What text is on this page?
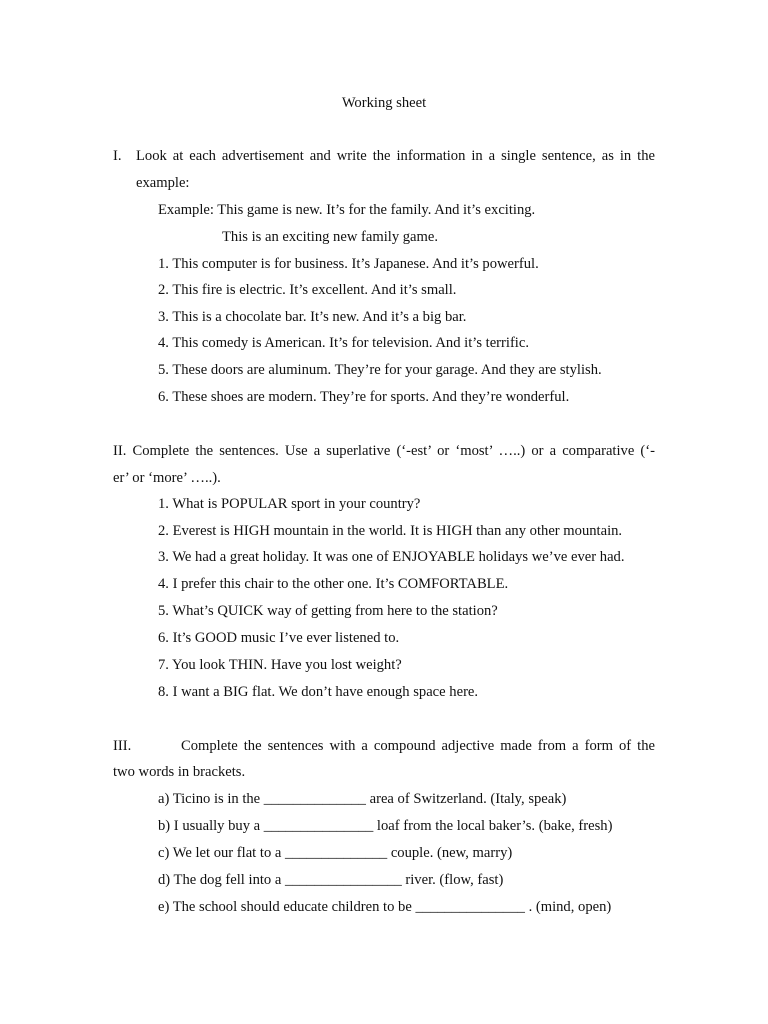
Working sheet
I. Look at each advertisement and write the information in a single sentence, as in the
example:
Example: This game is new. It’s for the family. And it’s exciting.
This is an exciting new family game.
1. This computer is for business. It’s Japanese. And it’s powerful.
2. This fire is electric. It’s excellent. And it’s small.
3. This is a chocolate bar. It’s new. And it’s a big bar.
4. This comedy is American. It’s for television. And it’s terrific.
5. These doors are aluminum. They’re for your garage. And they are stylish.
6. These shoes are modern. They’re for sports. And they’re wonderful.
II. Complete the sentences. Use a superlative (‘-est’ or ‘most’ …..) or a comparative (‘-
er’ or ‘more’ …..).
1. What is POPULAR sport in your country?
2. Everest is HIGH mountain in the world. It is HIGH than any other mountain.
3. We had a great holiday. It was one of ENJOYABLE holidays we’ve ever had.
4. I prefer this chair to the other one. It’s COMFORTABLE.
5. What’s QUICK way of getting from here to the station?
6. It’s GOOD music I’ve ever listened to.
7. You look THIN. Have you lost weight?
8. I want a BIG flat. We don’t have enough space here.
III.	Complete the sentences with a compound adjective made from a form of the
two words in brackets.
a) Ticino is in the ______________ area of Switzerland. (Italy, speak)
b) I usually buy a _______________ loaf from the local baker’s. (bake, fresh)
c) We let our flat to a ______________ couple. (new, marry)
d) The dog fell into a ________________ river. (flow, fast)
e) The school should educate children to be _______________ . (mind, open)
